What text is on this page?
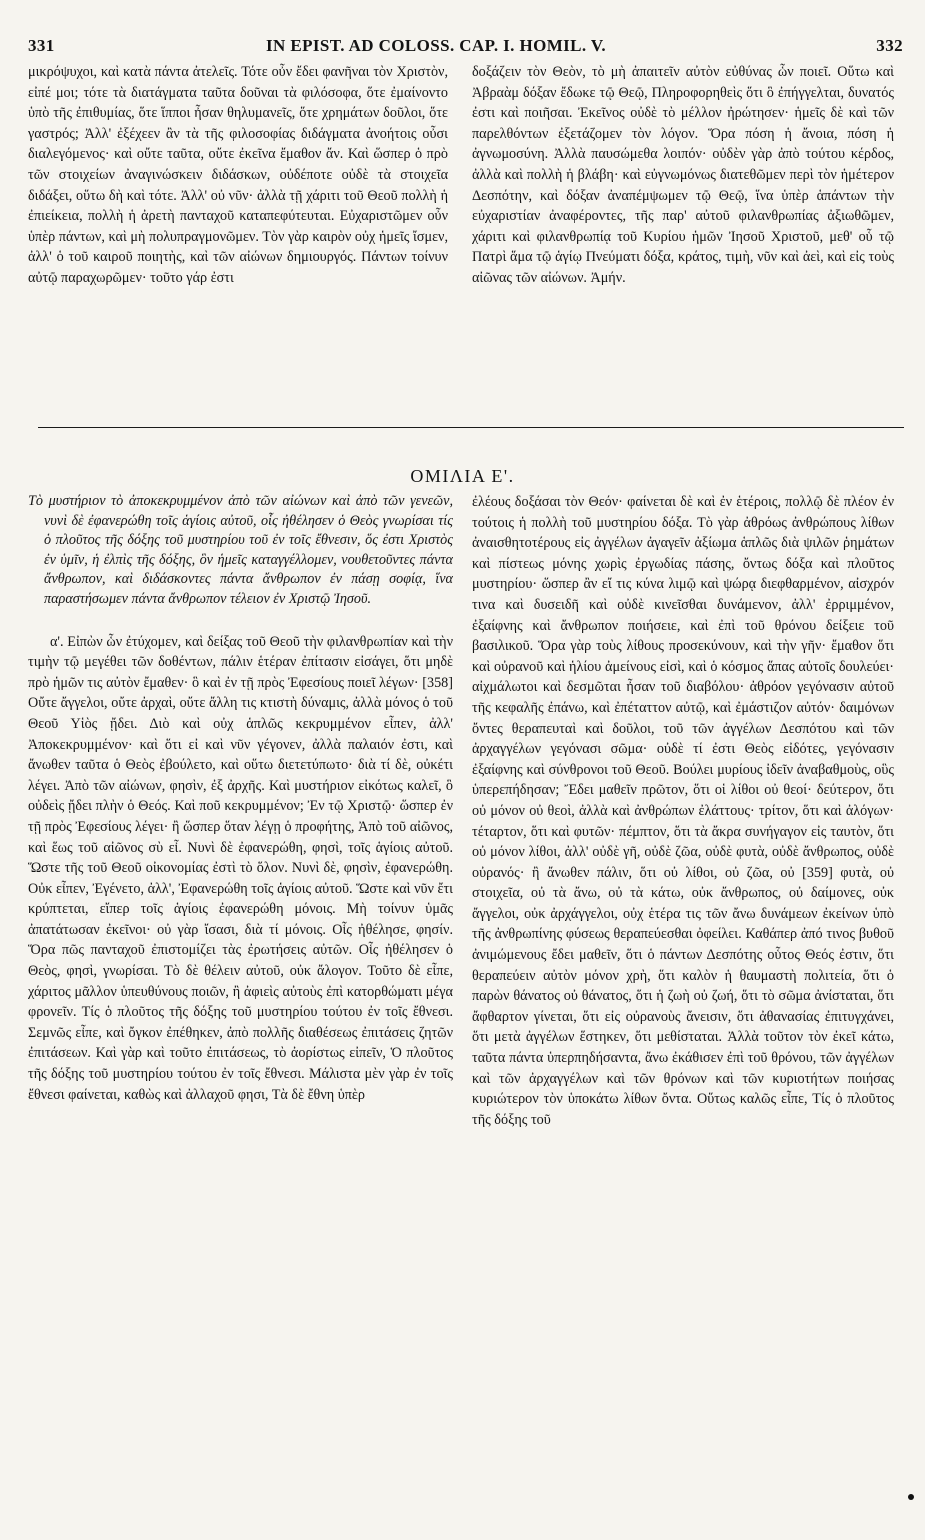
331	IN EPIST. AD COLOSS. CAP. I. HOMIL. V.	332

μικρόψυχοι, καὶ κατὰ πάντα ἀτελεῖς. Τότε οὖν ἔδει φανῆναι τὸν Χριστὸν, εἰπέ μοι; τότε τὰ διατάγματα ταῦτα δοῦναι τὰ φιλόσοφα, ὅτε ἐμαίνοντο ὑπὸ τῆς ἐπιθυμίας, ὅτε ἵπποι ἦσαν θηλυμανεῖς, ὅτε χρημάτων δοῦλοι, ὅτε γαστρός; Ἀλλ' ἐξέχεεν ἂν τὰ τῆς φιλοσοφίας διδάγματα ἀνοήτοις οὖσι διαλεγόμενος· καὶ οὔτε ταῦτα, οὔτε ἐκεῖνα ἔμαθον ἄν. Καὶ ὥσπερ ὁ πρὸ τῶν στοιχείων ἀναγινώσκειν διδάσκων, οὐδέποτε οὐδὲ τὰ στοιχεῖα διδάξει, οὕτω δὴ καὶ τότε. Ἀλλ' οὐ νῦν· ἀλλὰ τῇ χάριτι τοῦ Θεοῦ πολλὴ ἡ ἐπιείκεια, πολλὴ ἡ ἀρετὴ πανταχοῦ καταπεφύτευται. Εὐχαριστῶμεν οὖν ὑπὲρ πάντων, καὶ μὴ πολυπραγμονῶμεν. Τὸν γὰρ καιρὸν οὐχ ἡμεῖς ἴσμεν, ἀλλ' ὁ τοῦ καιροῦ ποιητὴς, καὶ τῶν αἰώνων δημιουργός. Πάντων τοίνυν αὐτῷ παραχωρῶμεν· τοῦτο γάρ ἐστι

δοξάζειν τὸν Θεὸν, τὸ μὴ ἀπαιτεῖν αὐτὸν εὐθύνας ὧν ποιεῖ. Οὕτω καὶ Ἀβραὰμ δόξαν ἔδωκε τῷ Θεῷ, Πληροφορηθεὶς ὅτι ὃ ἐπήγγελται, δυνατός ἐστι καὶ ποιῆσαι. Ἐκεῖνος οὐδὲ τὸ μέλλον ἠρώτησεν· ἡμεῖς δὲ καὶ τῶν παρελθόντων ἐξετάζομεν τὸν λόγον. Ὅρα πόση ἡ ἄνοια, πόση ἡ ἀγνωμοσύνη. Ἀλλὰ παυσώμεθα λοιπόν· οὐδὲν γὰρ ἀπὸ τούτου κέρδος, ἀλλὰ καὶ πολλὴ ἡ βλάβη· καὶ εὐγνωμόνως διατεθῶμεν περὶ τὸν ἡμέτερον Δεσπότην, καὶ δόξαν ἀναπέμψωμεν τῷ Θεῷ, ἵνα ὑπὲρ ἁπάντων τὴν εὐχαριστίαν ἀναφέροντες, τῆς παρ' αὐτοῦ φιλανθρωπίας ἀξιωθῶμεν, χάριτι καὶ φιλανθρωπίᾳ τοῦ Κυρίου ἡμῶν Ἰησοῦ Χριστοῦ, μεθ' οὗ τῷ Πατρὶ ἅμα τῷ ἁγίῳ Πνεύματι δόξα, κράτος, τιμὴ, νῦν καὶ ἀεὶ, καὶ εἰς τοὺς αἰῶνας τῶν αἰώνων. Ἀμήν.

ΟΜΙΛΙΑ Ε'.

Τὸ μυστήριον τὸ ἀποκεκρυμμένον ἀπὸ τῶν αἰώνων καὶ ἀπὸ τῶν γενεῶν, νυνὶ δὲ ἐφανερώθη τοῖς ἁγίοις αὐτοῦ, οἷς ἠθέλησεν ὁ Θεὸς γνωρίσαι τίς ὁ πλοῦτος τῆς δόξης τοῦ μυστηρίου τοῦ ἐν τοῖς ἔθνεσιν, ὅς ἐστι Χριστὸς ἐν ὑμῖν, ἡ ἐλπὶς τῆς δόξης, ὃν ἡμεῖς καταγγέλλομεν, νουθετοῦντες πάντα ἄνθρωπον, καὶ διδάσκοντες πάντα ἄνθρωπον ἐν πάσῃ σοφίᾳ, ἵνα παραστήσωμεν πάντα ἄνθρωπον τέλειον ἐν Χριστῷ Ἰησοῦ.

α'. Εἰπὼν ὧν ἐτύχομεν, καὶ δείξας τοῦ Θεοῦ τὴν φιλανθρωπίαν καὶ τὴν τιμὴν τῷ μεγέθει τῶν δοθέντων, πάλιν ἑτέραν ἐπίτασιν εἰσάγει, ὅτι μηδὲ πρὸ ἡμῶν τις αὐτὸν ἔμαθεν· ὃ καὶ ἐν τῇ πρὸς Ἐφεσίους ποιεῖ λέγων· [358] Οὔτε ἄγγελοι, οὔτε ἀρχαὶ, οὔτε ἄλλη τις κτιστὴ δύναμις, ἀλλὰ μόνος ὁ τοῦ Θεοῦ Υἱὸς ᾔδει. Διὸ καὶ οὐχ ἁπλῶς κεκρυμμένον εἶπεν, ἀλλ' Ἀποκεκρυμμένον· καὶ ὅτι εἰ καὶ νῦν γέγονεν, ἀλλὰ παλαιόν ἐστι, καὶ ἄνωθεν ταῦτα ὁ Θεὸς ἐβούλετο, καὶ οὕτω διετετύπωτο· διὰ τί δὲ, οὐκέτι λέγει. Ἀπὸ τῶν αἰώνων, φησὶν, ἐξ ἀρχῆς. Καὶ μυστήριον εἰκότως καλεῖ, ὃ οὐδεὶς ᾔδει πλὴν ὁ Θεός. Καὶ ποῦ κεκρυμμένον; Ἐν τῷ Χριστῷ· ὥσπερ ἐν τῇ πρὸς Ἐφεσίους λέγει· ἢ ὥσπερ ὅταν λέγῃ ὁ προφήτης, Ἀπὸ τοῦ αἰῶνος, καὶ ἕως τοῦ αἰῶνος σὺ εἶ. Νυνὶ δὲ ἐφανερώθη, φησὶ, τοῖς ἁγίοις αὐτοῦ. Ὥστε τῆς τοῦ Θεοῦ οἰκονομίας ἐστὶ τὸ ὅλον. Νυνὶ δὲ, φησὶν, ἐφανερώθη. Οὐκ εἶπεν, Ἐγένετο, ἀλλ', Ἐφανερώθη τοῖς ἁγίοις αὐτοῦ. Ὥστε καὶ νῦν ἔτι κρύπτεται, εἴπερ τοῖς ἁγίοις ἐφανερώθη μόνοις. Μὴ τοίνυν ὑμᾶς ἀπατάτωσαν ἐκεῖνοι· οὐ γὰρ ἴσασι, διὰ τί μόνοις. Οἷς ἠθέλησε, φησίν. Ὅρα πῶς πανταχοῦ ἐπιστομίζει τὰς ἐρωτήσεις αὐτῶν. Οἷς ἠθέλησεν ὁ Θεὸς, φησὶ, γνωρίσαι. Τὸ δὲ θέλειν αὐτοῦ, οὐκ ἄλογον. Τοῦτο δὲ εἶπε, χάριτος μᾶλλον ὑπευθύνους ποιῶν, ἢ ἀφιεὶς αὐτοὺς ἐπὶ κατορθώματι μέγα φρονεῖν. Τίς ὁ πλοῦτος τῆς δόξης τοῦ μυστηρίου τούτου ἐν τοῖς ἔθνεσι. Σεμνῶς εἶπε, καὶ ὄγκον ἐπέθηκεν, ἀπὸ πολλῆς διαθέσεως ἐπιτάσεις ζητῶν ἐπιτάσεων. Καὶ γὰρ καὶ τοῦτο ἐπιτάσεως, τὸ ἀορίστως εἰπεῖν, Ὁ πλοῦτος τῆς δόξης τοῦ μυστηρίου τούτου ἐν τοῖς ἔθνεσι. Μάλιστα μὲν γὰρ ἐν τοῖς ἔθνεσι φαίνεται, καθὼς καὶ ἀλλαχοῦ φησι, Τὰ δὲ ἔθνη ὑπὲρ

ἐλέους δοξάσαι τὸν Θεόν· φαίνεται δὲ καὶ ἐν ἑτέροις, πολλῷ δὲ πλέον ἐν τούτοις ἡ πολλὴ τοῦ μυστηρίου δόξα. Τὸ γὰρ ἀθρόως ἀνθρώπους λίθων ἀναισθητοτέρους εἰς ἀγγέλων ἀγαγεῖν ἀξίωμα ἁπλῶς διὰ ψιλῶν ῥημάτων καὶ πίστεως μόνης χωρὶς ἐργωδίας πάσης, ὄντως δόξα καὶ πλοῦτος μυστηρίου· ὥσπερ ἂν εἴ τις κύνα λιμῷ καὶ ψώρᾳ διεφθαρμένον, αἰσχρόν τινα καὶ δυσειδῆ καὶ οὐδὲ κινεῖσθαι δυνάμενον, ἀλλ' ἐρριμμένον, ἐξαίφνης καὶ ἄνθρωπον ποιήσειε, καὶ ἐπὶ τοῦ θρόνου δείξειε τοῦ βασιλικοῦ. Ὅρα γὰρ τοὺς λίθους προσεκύνουν, καὶ τὴν γῆν· ἔμαθον ὅτι καὶ οὐρανοῦ καὶ ἡλίου ἀμείνους εἰσὶ, καὶ ὁ κόσμος ἅπας αὐτοῖς δουλεύει· αἰχμάλωτοι καὶ δεσμῶται ἦσαν τοῦ διαβόλου· ἀθρόον γεγόνασιν αὐτοῦ τῆς κεφαλῆς ἐπάνω, καὶ ἐπέταττον αὐτῷ, καὶ ἐμάστιζον αὐτόν· δαιμόνων ὄντες θεραπευταὶ καὶ δοῦλοι, τοῦ τῶν ἀγγέλων Δεσπότου καὶ τῶν ἀρχαγγέλων γεγόνασι σῶμα· οὐδὲ τί ἐστι Θεὸς εἰδότες, γεγόνασιν ἐξαίφνης καὶ σύνθρονοι τοῦ Θεοῦ. Βούλει μυρίους ἰδεῖν ἀναβαθμοὺς, οὓς ὑπερεπήδησαν; Ἔδει μαθεῖν πρῶτον, ὅτι οἱ λίθοι οὐ θεοί· δεύτερον, ὅτι οὐ μόνον οὐ θεοὶ, ἀλλὰ καὶ ἀνθρώπων ἐλάττους· τρίτον, ὅτι καὶ ἀλόγων· τέταρτον, ὅτι καὶ φυτῶν· πέμπτον, ὅτι τὰ ἄκρα συνήγαγον εἰς ταυτὸν, ὅτι οὐ μόνον λίθοι, ἀλλ' οὐδὲ γῆ, οὐδὲ ζῶα, οὐδὲ φυτὰ, οὐδὲ ἄνθρωπος, οὐδὲ οὐρανός· ἢ ἄνωθεν πάλιν, ὅτι οὐ λίθοι, οὐ ζῶα, οὐ [359] φυτὰ, οὐ στοιχεῖα, οὐ τὰ ἄνω, οὐ τὰ κάτω, οὐκ ἄνθρωπος, οὐ δαίμονες, οὐκ ἄγγελοι, οὐκ ἀρχάγγελοι, οὐχ ἑτέρα τις τῶν ἄνω δυνάμεων ἐκείνων ὑπὸ τῆς ἀνθρωπίνης φύσεως θεραπεύεσθαι ὀφείλει. Καθάπερ ἀπό τινος βυθοῦ ἀνιμώμενους ἔδει μαθεῖν, ὅτι ὁ πάντων Δεσπότης οὗτος Θεός ἐστιν, ὅτι θεραπεύειν αὐτὸν μόνον χρὴ, ὅτι καλὸν ἡ θαυμαστὴ πολιτεία, ὅτι ὁ παρὼν θάνατος οὐ θάνατος, ὅτι ἡ ζωὴ οὐ ζωή, ὅτι τὸ σῶμα ἀνίσταται, ὅτι ἄφθαρτον γίνεται, ὅτι εἰς οὐρανοὺς ἄνεισιν, ὅτι ἀθανασίας ἐπιτυγχάνει, ὅτι μετὰ ἀγγέλων ἕστηκεν, ὅτι μεθίσταται. Ἀλλὰ τοῦτον τὸν ἐκεῖ κάτω, ταῦτα πάντα ὑπερπηδήσαντα, ἄνω ἐκάθισεν ἐπὶ τοῦ θρόνου, τῶν ἀγγέλων καὶ τῶν ἀρχαγγέλων καὶ τῶν θρόνων καὶ τῶν κυριοτήτων ποιήσας κυριώτερον τὸν ὑποκάτω λίθων ὄντα. Οὕτως καλῶς εἶπε, Τίς ὁ πλοῦτος τῆς δόξης τοῦ
